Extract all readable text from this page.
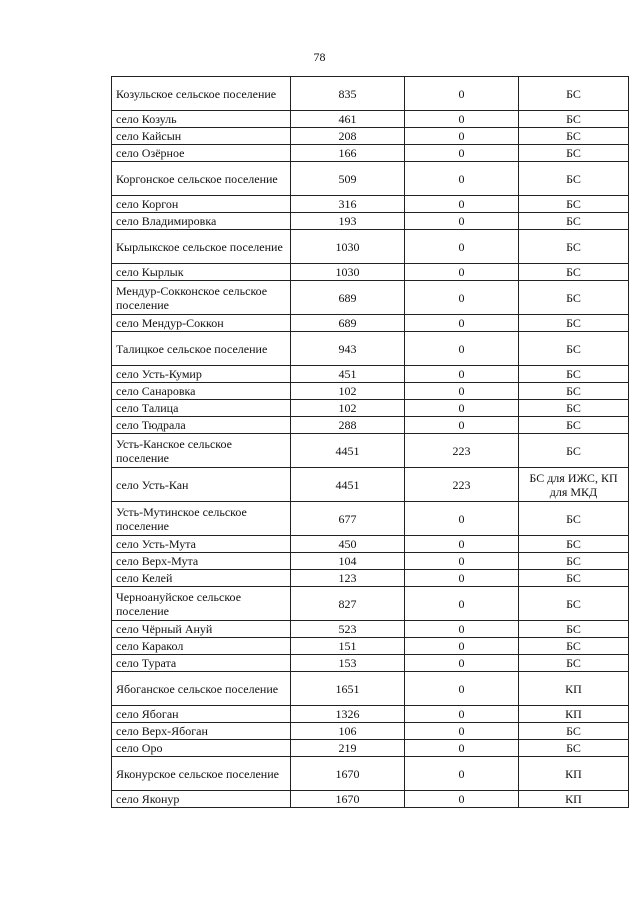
78
Козульское сельское поселение	835	0	БС
село Козуль	461	0	БС
село Кайсын	208	0	БС
село Озёрное	166	0	БС
Коргонское сельское поселение	509	0	БС
село Коргон	316	0	БС
село Владимировка	193	0	БС
Кырлыкское сельское поселение	1030	0	БС
село Кырлык	1030	0	БС
Мендур-Сокконское сельское поселение	689	0	БС
село Мендур-Соккон	689	0	БС
Талицкое сельское поселение	943	0	БС
село Усть-Кумир	451	0	БС
село Санаровка	102	0	БС
село Талица	102	0	БС
село Тюдрала	288	0	БС
Усть-Канское сельское поселение	4451	223	БС
село Усть-Кан	4451	223	БС для ИЖС, КП для МКД
Усть-Мутинское сельское поселение	677	0	БС
село Усть-Мута	450	0	БС
село Верх-Мута	104	0	БС
село Келей	123	0	БС
Черноануйское сельское поселение	827	0	БС
село Чёрный Ануй	523	0	БС
село Каракол	151	0	БС
село Турата	153	0	БС
Ябоганское сельское поселение	1651	0	КП
село Ябоган	1326	0	КП
село Верх-Ябоган	106	0	БС
село Оро	219	0	БС
Яконурское сельское поселение	1670	0	КП
село Яконур	1670	0	КП
